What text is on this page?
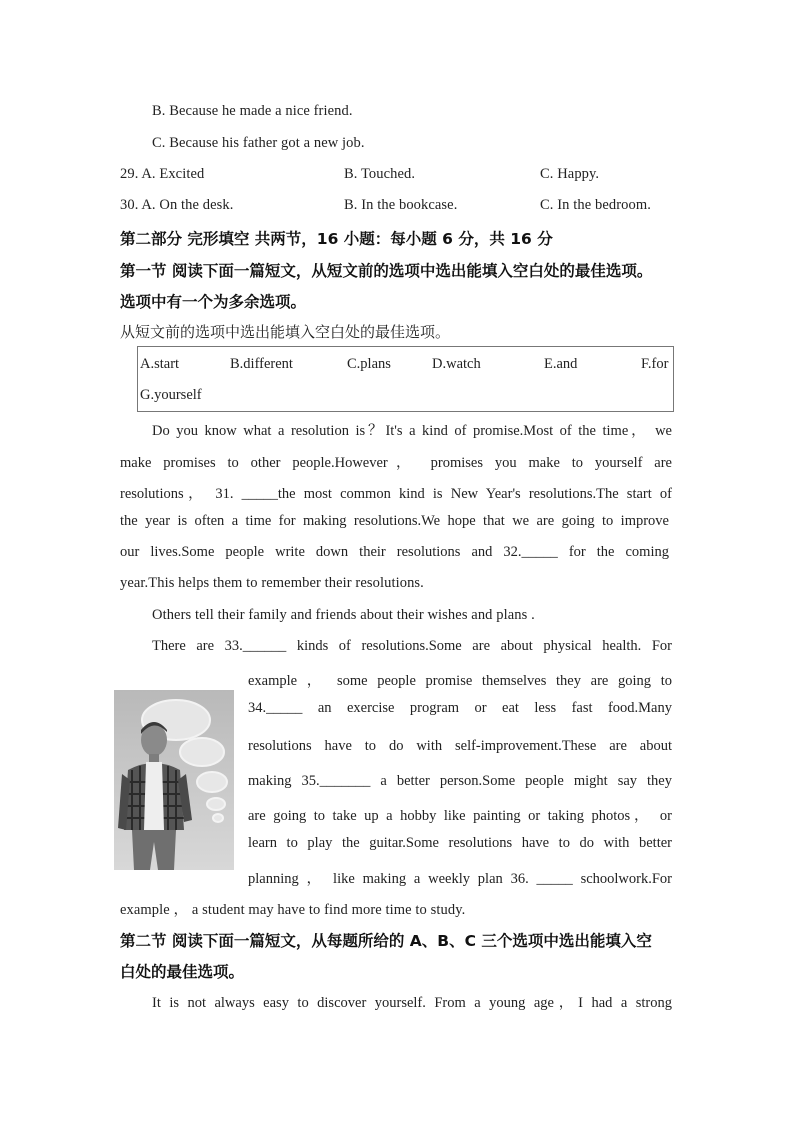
B. Because he made a nice friend.
C. Because his father got a new job.
29. A. Excited	B. Touched.	C. Happy.
30. A. On the desk.	B. In the bookcase.	C. In the bedroom.
第二部分 完形填空 共两节，16 小题：每小题 6 分，共 16 分
第一节 阅读下面一篇短文，从短文前的选项中选出能填入空白处的最佳选项。
选项中有一个为多余选项。
从短文前的选项中选出能填入空白处的最佳选项。
A.start	B.different	C.plans	D.watch	E.and	F.for
G.yourself
Do you know what a resolution is？It's a kind of promise.Most of the time， we
make promises to other people.However， promises you make to yourself are
resolutions， 31. _____the most common kind is New Year's resolutions.The start of
the year is often a time for making resolutions.We hope that we are going to improve
our lives.Some people write down their resolutions and 32._____ for the coming
year.This helps them to remember their resolutions.
Others tell their family and friends about their wishes and plans .
There are 33.______ kinds of resolutions.Some are about physical health. For
example ， some people promise themselves they are going to
34._____ an exercise program or eat less fast food.Many
resolutions have to do with self-improvement.These are about
making 35._______ a better person.Some people might say they
are going to take up a hobby like painting or taking photos， or
learn to play the guitar.Some resolutions have to do with better
planning ， like making a weekly plan 36. _____ schoolwork.For
example ， a student may have to find more time to study.
第二节 阅读下面一篇短文，从每题所给的 A、B、C 三个选项中选出能填入空
白处的最佳选项。
It is not always easy to discover yourself. From a young age，I had a strong
